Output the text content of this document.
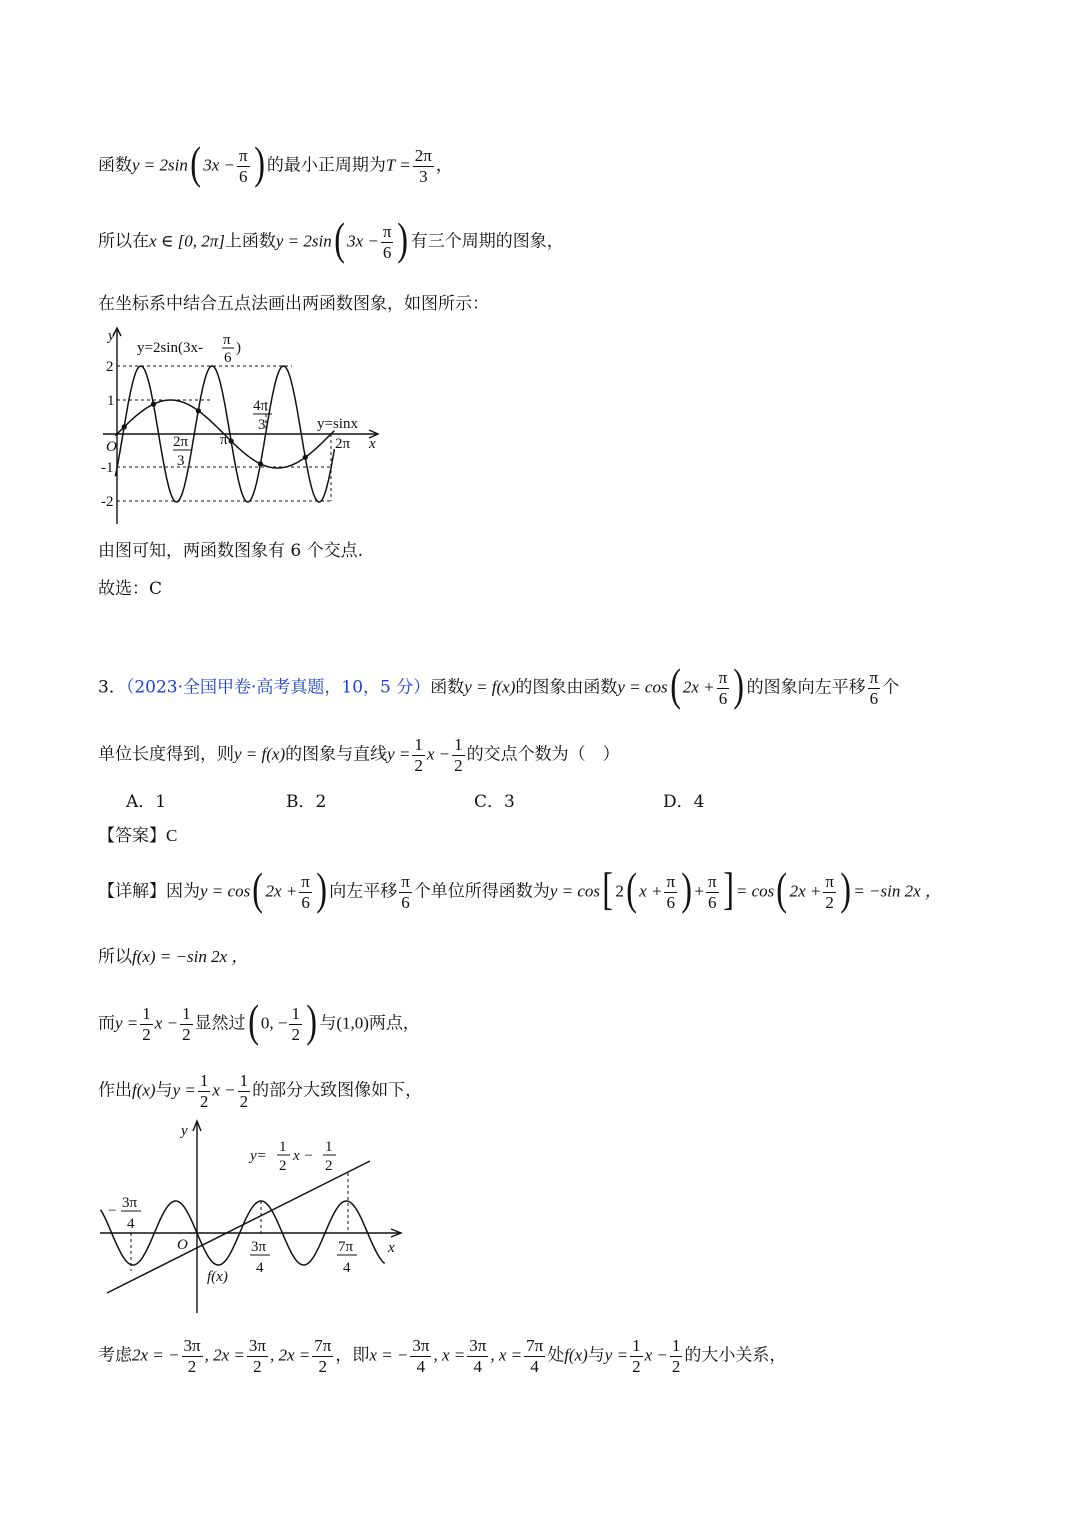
函数y = 2sin( $3x - \frac{\pi}{6}$ ) 的最小正周期为$T = \frac{2\pi}{3}$ ，
所以在x ∈ [0, 2π]上函数y = 2sin( $3x - \frac{\pi}{6}$ ) 有三个周期的图象，
在坐标系中结合五点法画出两函数图象，如图所示：
y
x
O
2
1
-1
-2
2π
3
π
4π
3
2π
y=sinx
y=2sin(3x- π
6
)
由图可知，两函数图象有 6 个交点.
故选：C
3．（2023·全国甲卷·高考真题，10，5 分）函数y = f(x)的图象由函数y = cos( $2x + \frac{\pi}{6}$ ) 的图象向左平移 $\frac{\pi}{6}$ 个
单位长度得到，则y = f(x)的图象与直线$y = \frac{1}{2}$ $x - \frac{1}{2}$ 的交点个数为（　）
A．1	B．2	C．3	D．4
【答案】C
【详解】因为y = cos( $2x + \frac{\pi}{6}$ ) 向左平移 $\frac{\pi}{6}$ 个单位所得函数为y = cos[ 2( $x + \frac{\pi}{6}$ ) + $\frac{\pi}{6}$ ] = cos( $2x + \frac{\pi}{2}$ ) = −sin 2x ，
所以f(x) = −sin 2x ，
而$y = \frac{1}{2}$ $x - \frac{1}{2}$ 显然过( 0, − $\frac{1}{2}$ ) 与(1,0)两点，
作出f(x)与$y = \frac{1}{2}$ $x - \frac{1}{2}$ 的部分大致图像如下，
y
x
O
f(x)
y=
1
2
x −
1
2
− 3π
4
3π
4
7π
4
考虑2x = − $\frac{3\pi}{2}$ , $2x = \frac{3\pi}{2}$ , $2x = \frac{7\pi}{2}$ ，即x = − $\frac{3\pi}{4}$ , $x = \frac{3\pi}{4}$ , $x = \frac{7\pi}{4}$ 处f(x)与$y = \frac{1}{2}$ $x - \frac{1}{2}$ 的大小关系，
